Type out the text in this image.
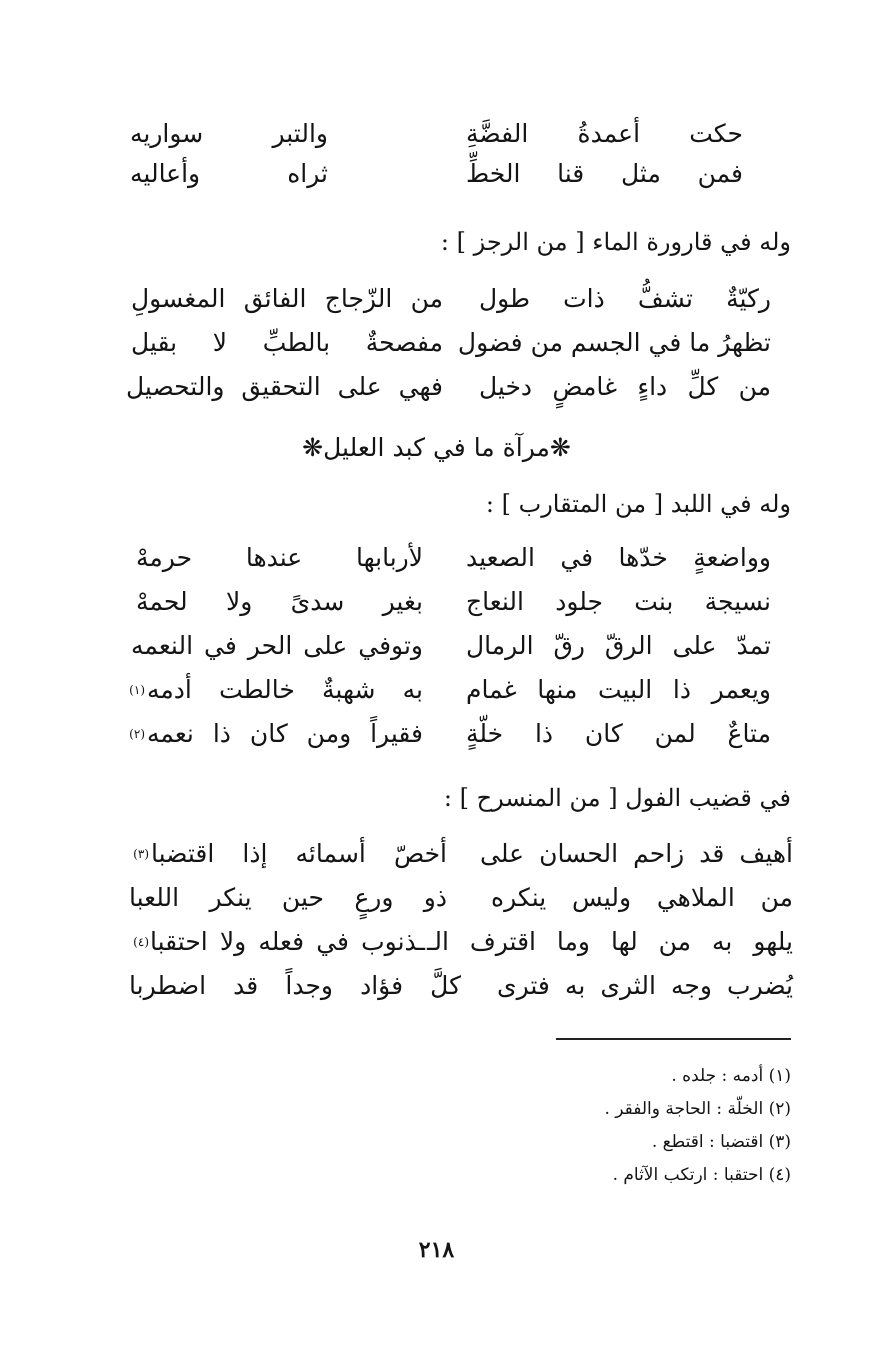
حكت أعمدةُ الفضَّةِ
والتبر سواريه
فمن مثل قنا الخطِّ
ثراه وأعاليه
وله في قارورة الماء [ من الرجز ] :
ركيّةٌ تشفُّ ذات طول
من الزّجاج الفائق المغسولِ
تظهرُ ما في الجسم من فضول
مفصحةٌ بالطبِّ لا بقيل
من كلِّ داءٍ غامضٍ دخيل
فهي على التحقيق والتحصيل
❋مرآة ما في كبد العليل❋
وله في اللبد [ من المتقارب ] :
وواضعةٍ خدّها في الصعيد
لأربابها عندها حرمهْ
نسيجة بنت جلود النعاج
بغير سدىً ولا لحمهْ
تمدّ على الرقّ رقّ الرمال
وتوفي على الحر في النعمه
ويعمر ذا البيت منها غمام
به شهبةٌ خالطت أدمه
(١)
متاعٌ لمن كان ذا خلّةٍ
فقيراً ومن كان ذا نعمه
(٢)
في قضيب الفول [ من المنسرح ] :
أهيف قد زاحم الحسان على
أخصّ أسمائه إذا اقتضبا
(٣)
من الملاهي وليس ينكره
ذو ورعٍ حين ينكر اللعبا
يلهو به من لها وما اقترف الـ
ـذنوب في فعله ولا احتقبا
(٤)
يُضرب وجه الثرى به فترى
كلَّ فؤاد وجداً قد اضطربا
(١) أدمه : جلده .
(٢) الخلّة : الحاجة والفقر .
(٣) اقتضبا : اقتطع .
(٤) احتقبا : ارتكب الآثام .
٢١٨
